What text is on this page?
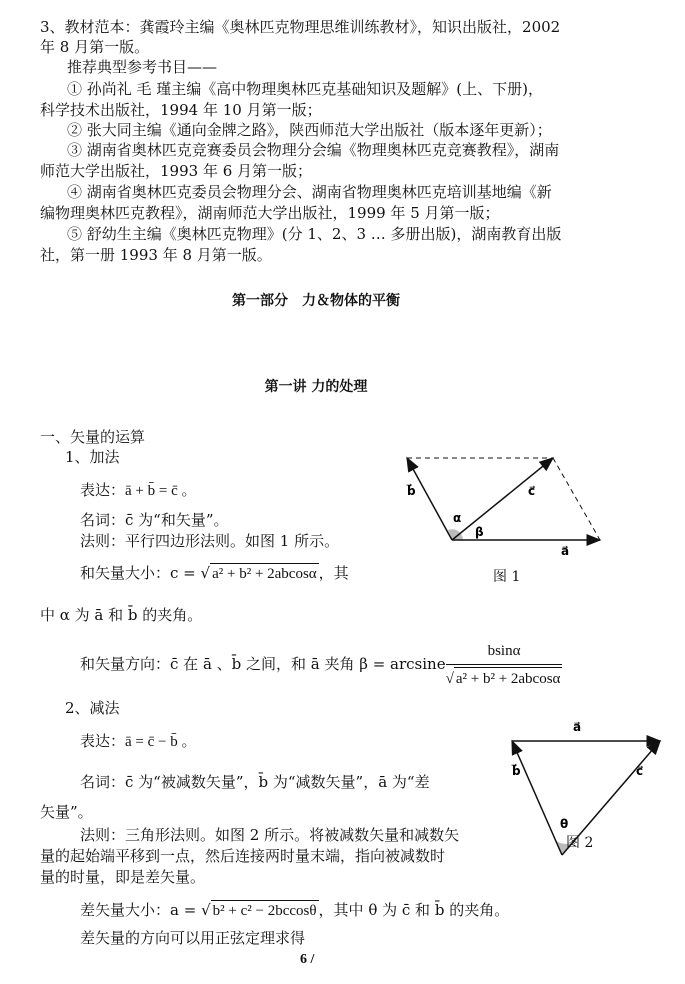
3、教材范本：龚霞玲主编《奥林匹克物理思维训练教材》，知识出版社，2002
年 8 月第一版。
推荐典型参考书目——
① 孙尚礼 毛 瑾主编《高中物理奥林匹克基础知识及题解》(上、下册)，
科学技术出版社，1994 年 10 月第一版；
② 张大同主编《通向金牌之路》，陕西师范大学出版社（版本逐年更新）；
③ 湖南省奥林匹克竞赛委员会物理分会编《物理奥林匹克竞赛教程》，湖南
师范大学出版社，1993 年 6 月第一版；
④ 湖南省奥林匹克委员会物理分会、湖南省物理奥林匹克培训基地编《新
编物理奥林匹克教程》，湖南师范大学出版社，1999 年 5 月第一版；
⑤ 舒幼生主编《奥林匹克物理》(分 1、2、3 … 多册出版)，湖南教育出版
社，第一册 1993 年 8 月第一版。
第一部分　力＆物体的平衡
第一讲 力的处理
一、矢量的运算
1、加法
表达：ā + b̄ = c̄ 。
名词：c̄ 为“和矢量”。
法则：平行四边形法则。如图 1 所示。
和矢量大小：c = √ a² + b² + 2abcosα ，其
中 α 为 ā 和 b̄ 的夹角。
和矢量方向：c̄ 在 ā 、b̄ 之间，和 ā 夹角 β = arcsine $\frac{bsin\alpha}{\text{√ a² + b² + 2abcosα}}$
b⃗	c⃗
α
β
a⃗
图 1
2、减法
表达：ā = c̄ − b̄ 。
名词：c̄ 为“被减数矢量”，b̄ 为“减数矢量”，ā 为“差
矢量”。
法则：三角形法则。如图 2 所示。将被减数矢量和减数矢
量的起始端平移到一点，然后连接两时量末端，指向被减数时
量的时量，即是差矢量。
差矢量大小：a = √ b² + c² − 2bccosθ ，其中 θ 为 c̄ 和 b̄ 的夹角。
差矢量的方向可以用正弦定理求得
a⃗
b⃗	c⃗
θ
图 2
6 /
